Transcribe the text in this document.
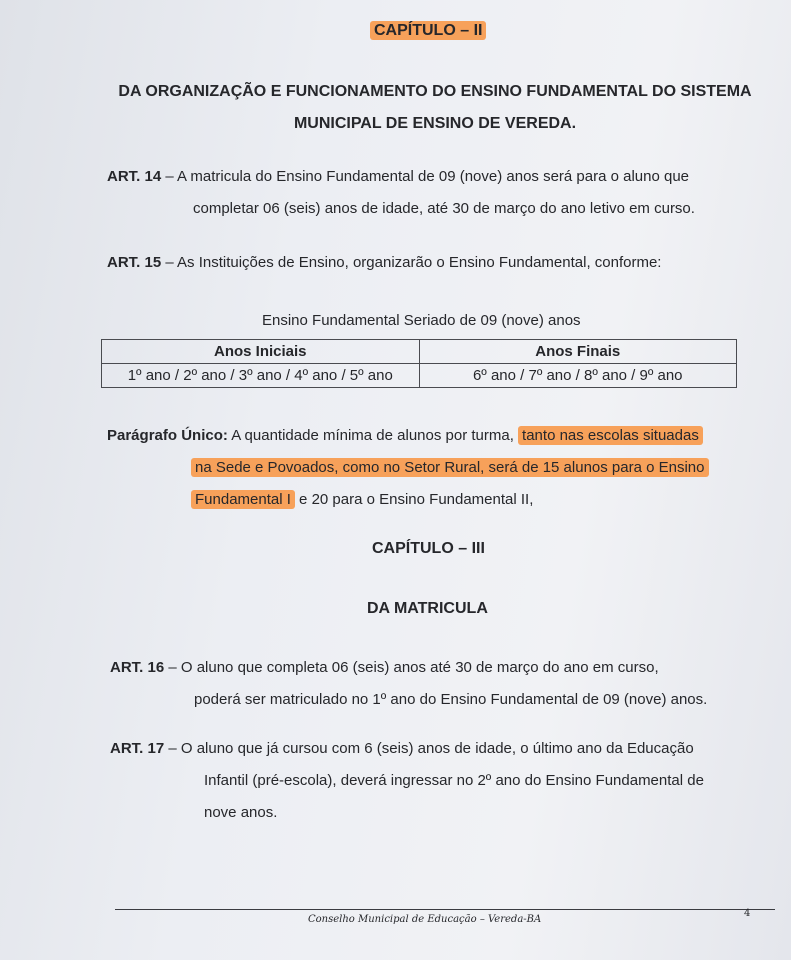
CAPÍTULO – II
DA ORGANIZAÇÃO E FUNCIONAMENTO DO ENSINO FUNDAMENTAL DO SISTEMA
MUNICIPAL DE ENSINO DE VEREDA.
ART. 14 – A matricula do Ensino Fundamental de 09 (nove) anos será para o aluno que
completar 06 (seis) anos de idade, até 30 de março do ano letivo em curso.
ART. 15 – As Instituições de Ensino, organizarão o Ensino Fundamental, conforme:
Ensino Fundamental Seriado de 09 (nove) anos
Anos Iniciais	Anos Finais
1º ano / 2º ano / 3º ano / 4º ano / 5º ano	6º ano / 7º ano / 8º ano / 9º ano
Parágrafo Único: A quantidade mínima de alunos por turma, tanto nas escolas situadas
na Sede e Povoados, como no Setor Rural, será de 15 alunos para o Ensino
Fundamental I e 20 para o Ensino Fundamental II,
CAPÍTULO – III
DA MATRICULA
ART. 16 – O aluno que completa 06 (seis) anos até 30 de março do ano em curso,
poderá ser matriculado no 1º ano do Ensino Fundamental de 09 (nove) anos.
ART. 17 – O aluno que já cursou com 6 (seis) anos de idade, o último ano da Educação
Infantil (pré-escola), deverá ingressar no 2º ano do Ensino Fundamental de
nove anos.
Conselho Municipal de Educação – Vereda-BA
4
